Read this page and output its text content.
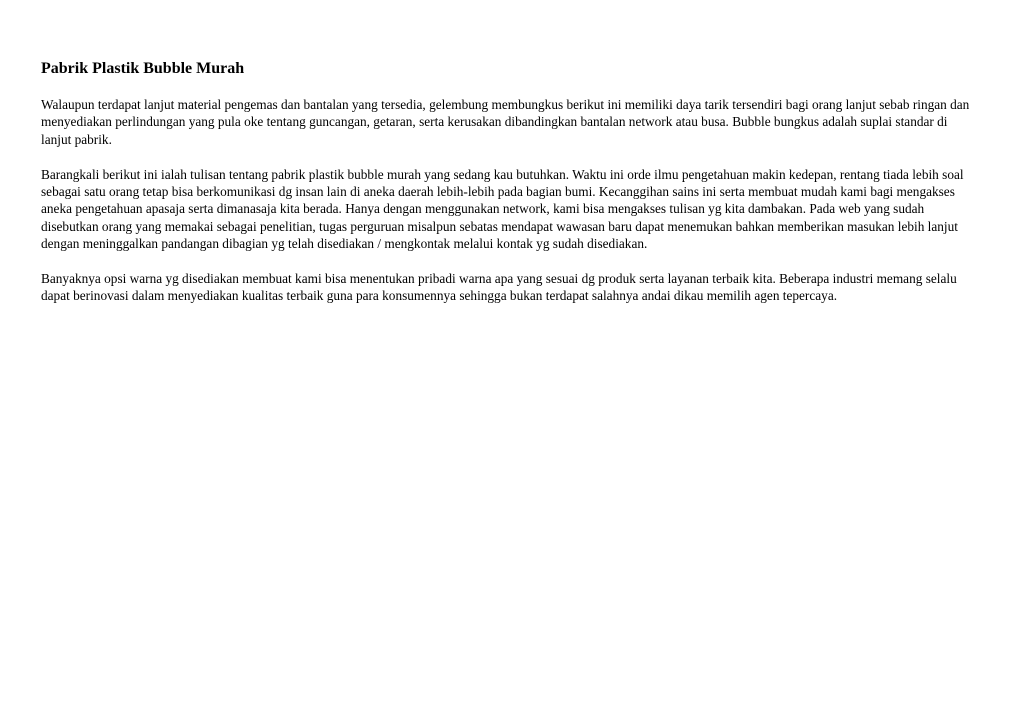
Pabrik Plastik Bubble Murah

Walaupun terdapat lanjut material pengemas dan bantalan yang tersedia, gelembung membungkus berikut ini memiliki daya tarik tersendiri bagi orang lanjut sebab ringan dan menyediakan perlindungan yang pula oke tentang guncangan, getaran, serta kerusakan dibandingkan bantalan network atau busa. Bubble bungkus adalah suplai standar di lanjut pabrik.

Barangkali berikut ini ialah tulisan tentang pabrik plastik bubble murah yang sedang kau butuhkan. Waktu ini orde ilmu pengetahuan makin kedepan, rentang tiada lebih soal sebagai satu orang tetap bisa berkomunikasi dg insan lain di aneka daerah lebih-lebih pada bagian bumi. Kecanggihan sains ini serta membuat mudah kami bagi mengakses aneka pengetahuan apasaja serta dimanasaja kita berada. Hanya dengan menggunakan network, kami bisa mengakses tulisan yg kita dambakan. Pada web yang sudah disebutkan orang yang memakai sebagai penelitian, tugas perguruan misalpun sebatas mendapat wawasan baru dapat menemukan bahkan memberikan masukan lebih lanjut dengan meninggalkan pandangan dibagian yg telah disediakan / mengkontak melalui kontak yg sudah disediakan.

Banyaknya opsi warna yg disediakan membuat kami bisa menentukan pribadi warna apa yang sesuai dg produk serta layanan terbaik kita. Beberapa industri memang selalu dapat berinovasi dalam menyediakan kualitas terbaik guna para konsumennya sehingga bukan terdapat salahnya andai dikau memilih agen tepercaya.
